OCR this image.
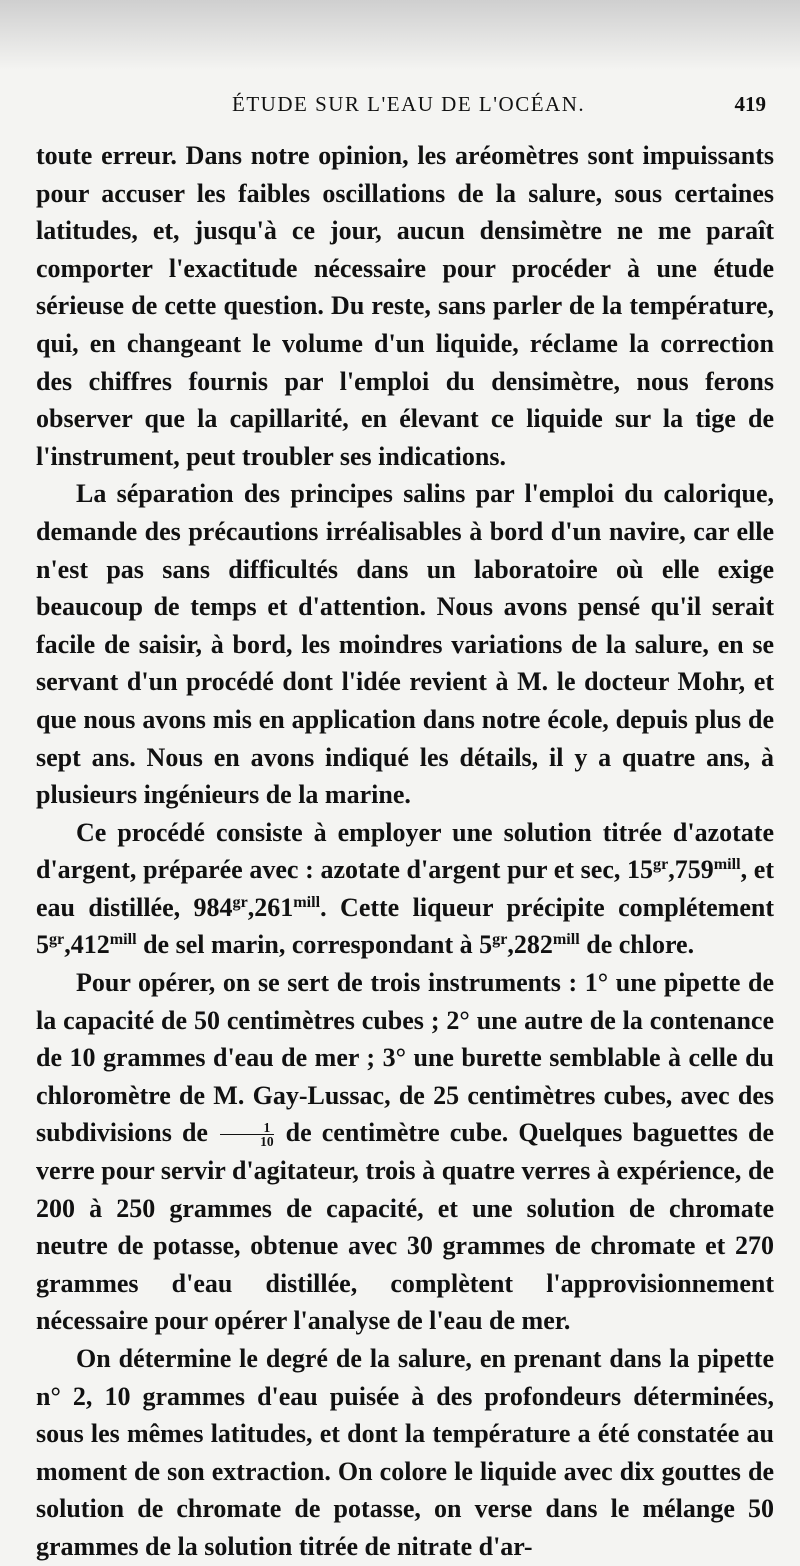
ÉTUDE SUR L'EAU DE L'OCÉAN.	419

toute erreur. Dans notre opinion, les aréomètres sont impuissants pour accuser les faibles oscillations de la salure, sous certaines latitudes, et, jusqu'à ce jour, aucun densimètre ne me paraît comporter l'exactitude nécessaire pour procéder à une étude sérieuse de cette question. Du reste, sans parler de la température, qui, en changeant le volume d'un liquide, réclame la correction des chiffres fournis par l'emploi du densimètre, nous ferons observer que la capillarité, en élevant ce liquide sur la tige de l'instrument, peut troubler ses indications.

La séparation des principes salins par l'emploi du calorique, demande des précautions irréalisables à bord d'un navire, car elle n'est pas sans difficultés dans un laboratoire où elle exige beaucoup de temps et d'attention. Nous avons pensé qu'il serait facile de saisir, à bord, les moindres variations de la salure, en se servant d'un procédé dont l'idée revient à M. le docteur Mohr, et que nous avons mis en application dans notre école, depuis plus de sept ans. Nous en avons indiqué les détails, il y a quatre ans, à plusieurs ingénieurs de la marine.

Ce procédé consiste à employer une solution titrée d'azotate d'argent, préparée avec : azotate d'argent pur et sec, $15^{gr},759^{mill}$, et eau distillée, $984^{gr},261^{mill}$. Cette liqueur précipite complétement $5^{gr},412^{mill}$ de sel marin, correspondant à $5^{gr},282^{mill}$ de chlore.

Pour opérer, on se sert de trois instruments : 1° une pipette de la capacité de 50 centimètres cubes ; 2° une autre de la contenance de 10 grammes d'eau de mer ; 3° une burette semblable à celle du chloromètre de M. Gay-Lussac, de 25 centimètres cubes, avec des subdivisions de $\frac{1}{10}$ de centimètre cube. Quelques baguettes de verre pour servir d'agitateur, trois à quatre verres à expérience, de 200 à 250 grammes de capacité, et une solution de chromate neutre de potasse, obtenue avec 30 grammes de chromate et 270 grammes d'eau distillée, complètent l'approvisionnement nécessaire pour opérer l'analyse de l'eau de mer.

On détermine le degré de la salure, en prenant dans la pipette n° 2, 10 grammes d'eau puisée à des profondeurs déterminées, sous les mêmes latitudes, et dont la température a été constatée au moment de son extraction. On colore le liquide avec dix gouttes de solution de chromate de potasse, on verse dans le mélange 50 grammes de la solution titrée de nitrate d'ar-
